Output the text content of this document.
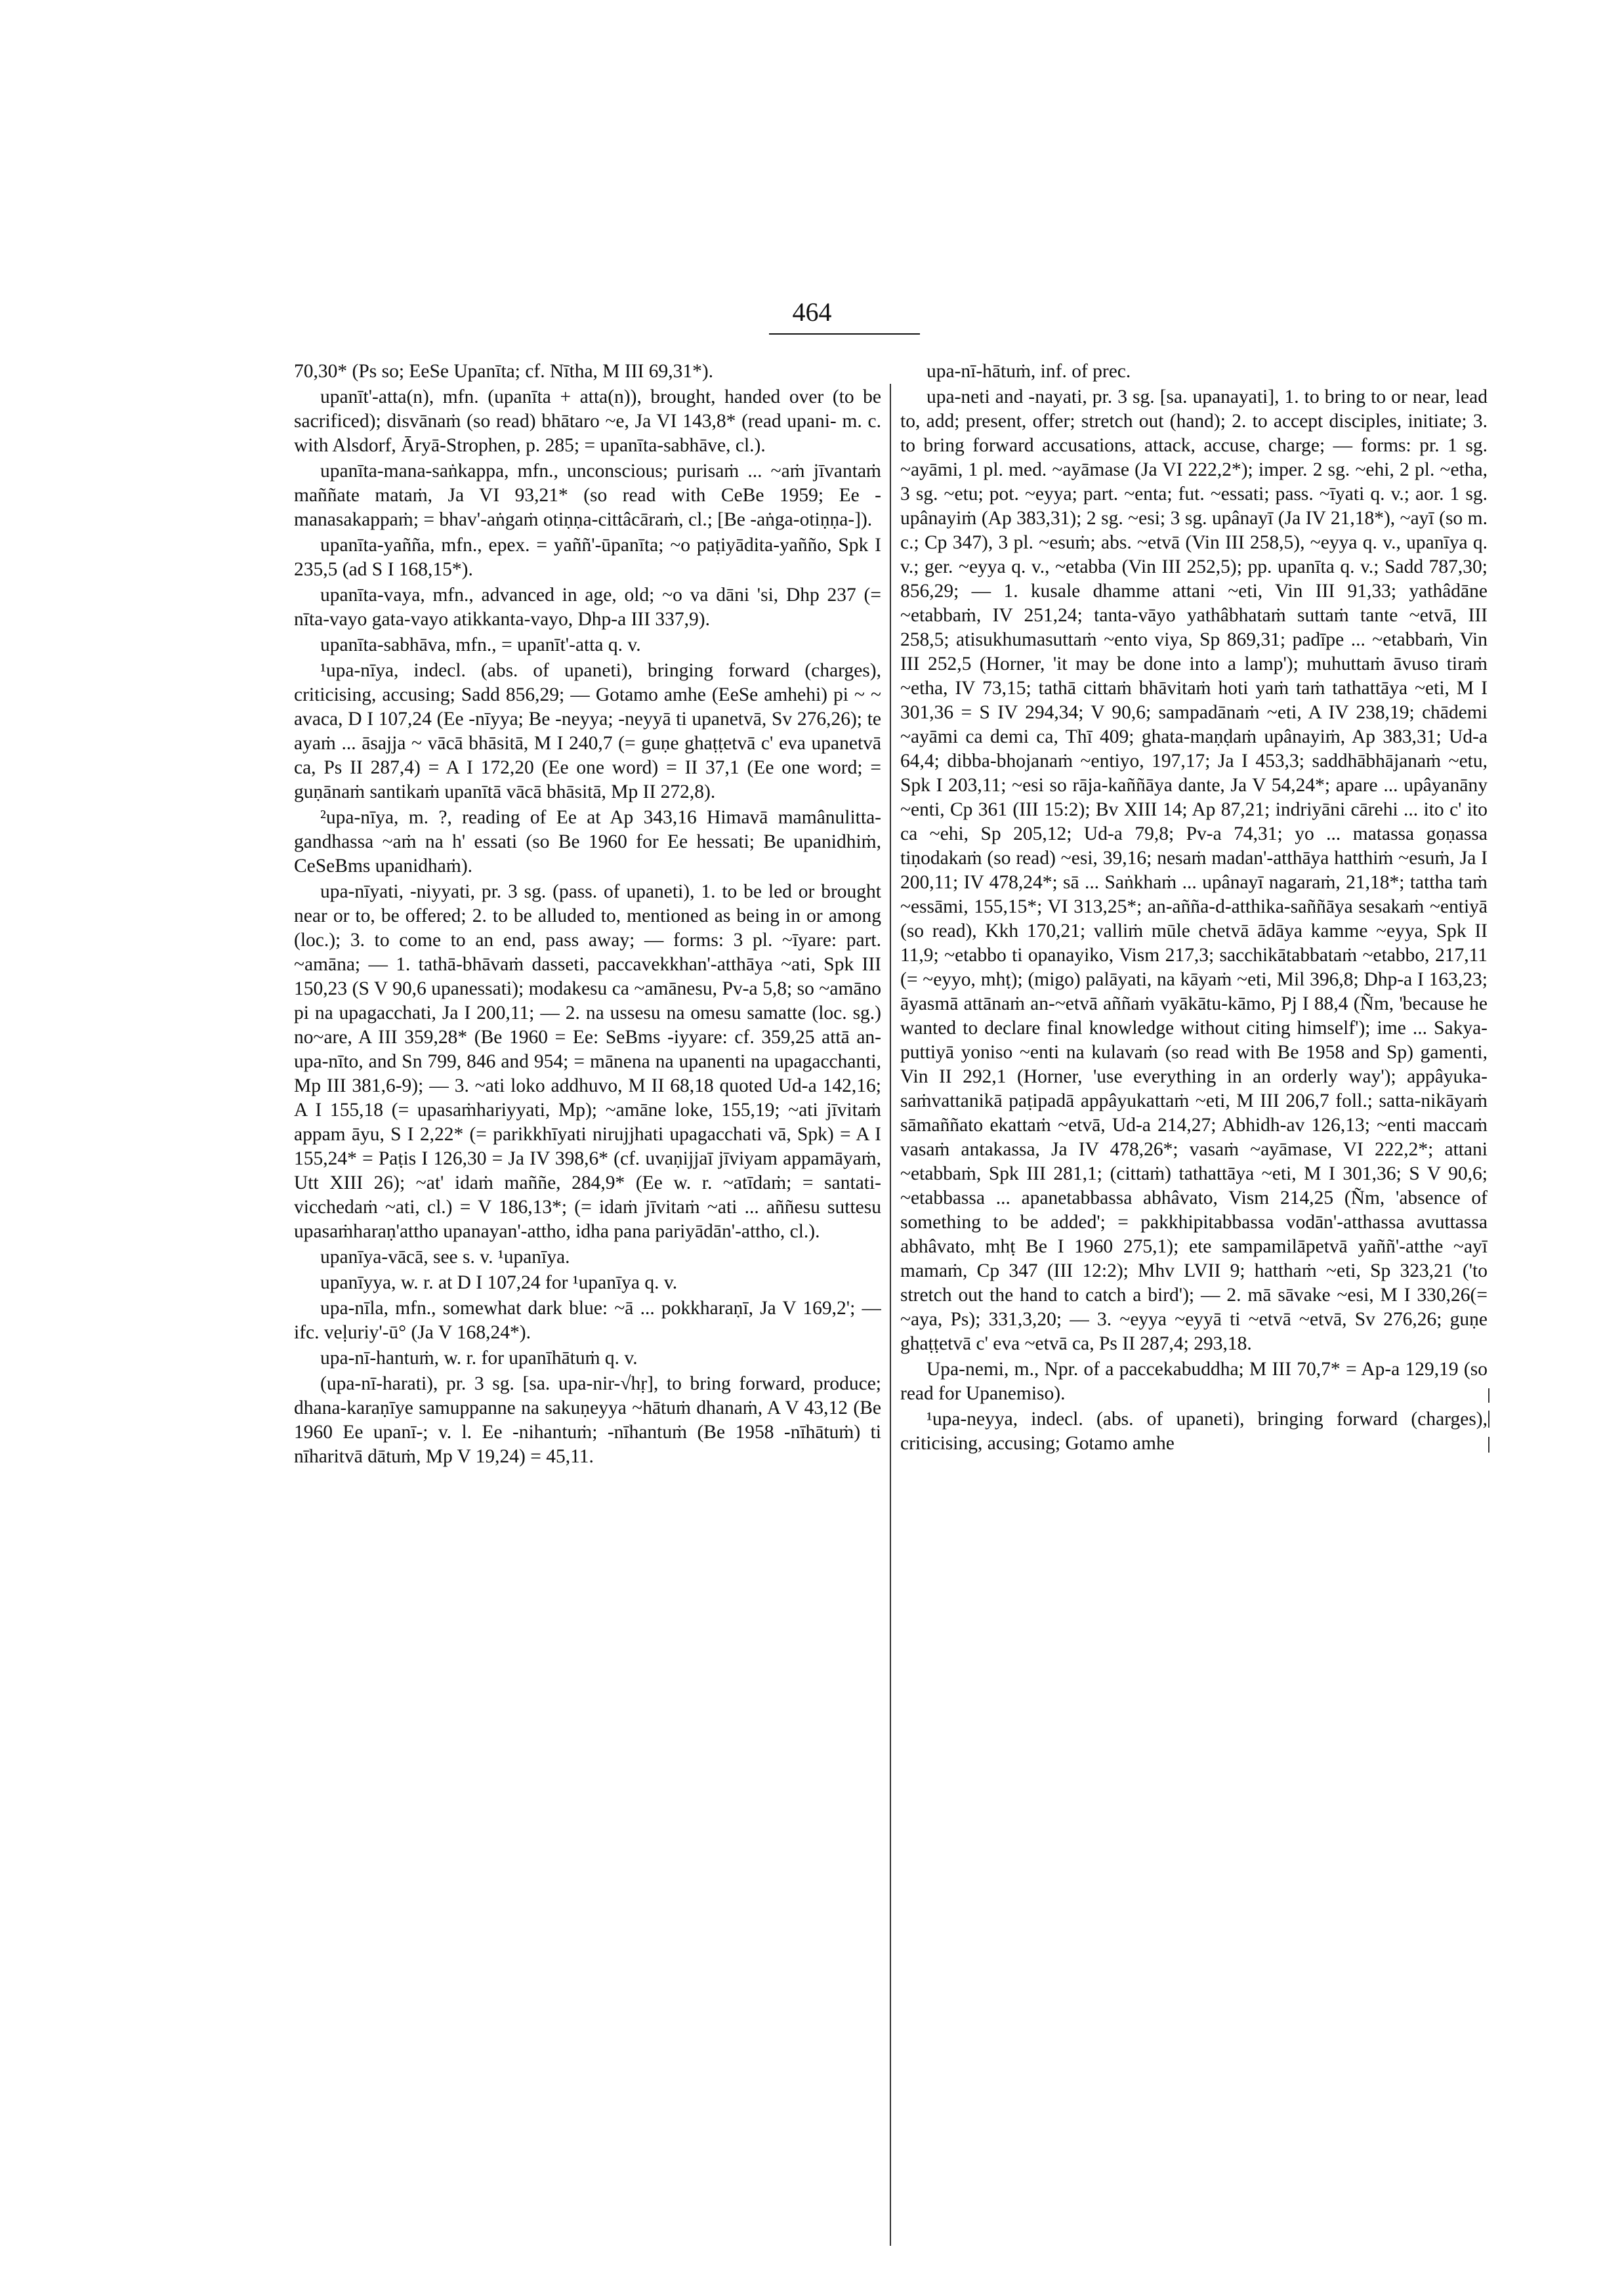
464

70,30* (Ps so; EeSe Upanīta; cf. Nītha, M III 69,31*).

upanīt'-atta(n), mfn. (upanīta + atta(n)), brought, handed over (to be sacrificed); disvānaṁ (so read) bhātaro ~e, Ja VI 143,8* (read upani- m. c. with Alsdorf, Āryā-Strophen, p. 285; = upanīta-sabhāve, cl.).

upanīta-mana-saṅkappa, mfn., unconscious; purisaṁ ... ~aṁ jīvantaṁ maññate mataṁ, Ja VI 93,21* (so read with CeBe 1959; Ee -manasakappaṁ; = bhav'-aṅgaṁ otiṇṇa-cittâcāraṁ, cl.; [Be -aṅga-otiṇṇa-]).

upanīta-yañña, mfn., epex. = yaññ'-ūpanīta; ~o paṭiyādita-yañño, Spk I 235,5 (ad S I 168,15*).

upanīta-vaya, mfn., advanced in age, old; ~o va dāni 'si, Dhp 237 (= nīta-vayo gata-vayo atikkanta-vayo, Dhp-a III 337,9).

upanīta-sabhāva, mfn., = upanīt'-atta q. v.

¹upa-nīya, indecl. (abs. of upaneti), bringing forward (charges), criticising, accusing; Sadd 856,29; — Gotamo amhe (EeSe amhehi) pi ~ ~ avaca, D I 107,24 (Ee -nīyya; Be -neyya; -neyyā ti upanetvā, Sv 276,26); te ayaṁ ... āsajja ~ vācā bhāsitā, M I 240,7 (= guṇe ghaṭṭetvā c' eva upanetvā ca, Ps II 287,4) = A I 172,20 (Ee one word) = II 37,1 (Ee one word; = guṇānaṁ santikaṁ upanītā vācā bhāsitā, Mp II 272,8).

²upa-nīya, m. ?, reading of Ee at Ap 343,16 Himavā mamânulitta-gandhassa ~aṁ na h' essati (so Be 1960 for Ee hessati; Be upanidhiṁ, CeSeBms upanidhaṁ).

upa-nīyati, -niyyati, pr. 3 sg. (pass. of upaneti), 1. to be led or brought near or to, be offered; 2. to be alluded to, mentioned as being in or among (loc.); 3. to come to an end, pass away; — forms: 3 pl. ~īyare: part. ~amāna; — 1. tathā-bhāvaṁ dasseti, paccavekkhan'-atthāya ~ati, Spk III 150,23 (S V 90,6 upanessati); modakesu ca ~amānesu, Pv-a 5,8; so ~amāno pi na upagacchati, Ja I 200,11; — 2. na ussesu na omesu samatte (loc. sg.) no~are, A III 359,28* (Be 1960 = Ee: SeBms -iyyare: cf. 359,25 attā an-upa-nīto, and Sn 799, 846 and 954; = mānena na upanenti na upagacchanti, Mp III 381,6-9); — 3. ~ati loko addhuvo, M II 68,18 quoted Ud-a 142,16; A I 155,18 (= upasaṁhariyyati, Mp); ~amāne loke, 155,19; ~ati jīvitaṁ appam āyu, S I 2,22* (= parikkhīyati nirujjhati upagacchati vā, Spk) = A I 155,24* = Paṭis I 126,30 = Ja IV 398,6* (cf. uvaṇijjaī jīviyam appamāyaṁ, Utt XIII 26); ~at' idaṁ maññe, 284,9* (Ee w. r. ~atīdaṁ; = santati-vicchedaṁ ~ati, cl.) = V 186,13*; (= idaṁ jīvitaṁ ~ati ... aññesu suttesu upasaṁharaṇ'attho upanayan'-attho, idha pana pariyādān'-attho, cl.).

upanīya-vācā, see s. v. ¹upanīya.

upanīyya, w. r. at D I 107,24 for ¹upanīya q. v.

upa-nīla, mfn., somewhat dark blue: ~ā ... pokkharaṇī, Ja V 169,2'; — ifc. veḷuriy'-ū° (Ja V 168,24*).

upa-nī-hantuṁ, w. r. for upanīhātuṁ q. v.

(upa-nī-harati), pr. 3 sg. [sa. upa-nir-√hṛ], to bring forward, produce; dhana-karaṇīye samuppanne na sakuṇeyya ~hātuṁ dhanaṁ, A V 43,12 (Be 1960 Ee upanī-; v. l. Ee -nihantuṁ; -nīhantuṁ (Be 1958 -nīhātuṁ) ti nīharitvā dātuṁ, Mp V 19,24) = 45,11.

upa-nī-hātuṁ, inf. of prec.

upa-neti and -nayati, pr. 3 sg. [sa. upanayati], 1. to bring to or near, lead to, add; present, offer; stretch out (hand); 2. to accept disciples, initiate; 3. to bring forward accusations, attack, accuse, charge; — forms: pr. 1 sg. ~ayāmi, 1 pl. med. ~ayāmase (Ja VI 222,2*); imper. 2 sg. ~ehi, 2 pl. ~etha, 3 sg. ~etu; pot. ~eyya; part. ~enta; fut. ~essati; pass. ~īyati q. v.; aor. 1 sg. upânayiṁ (Ap 383,31); 2 sg. ~esi; 3 sg. upânayī (Ja IV 21,18*), ~ayī (so m. c.; Cp 347), 3 pl. ~esuṁ; abs. ~etvā (Vin III 258,5), ~eyya q. v., upanīya q. v.; ger. ~eyya q. v., ~etabba (Vin III 252,5); pp. upanīta q. v.; Sadd 787,30; 856,29; — 1. kusale dhamme attani ~eti, Vin III 91,33; yathâdāne ~etabbaṁ, IV 251,24; tanta-vāyo yathâbhataṁ suttaṁ tante ~etvā, III 258,5; atisukhumasuttaṁ ~ento viya, Sp 869,31; padīpe ... ~etabbaṁ, Vin III 252,5 (Horner, 'it may be done into a lamp'); muhuttaṁ āvuso tiraṁ ~etha, IV 73,15; tathā cittaṁ bhāvitaṁ hoti yaṁ taṁ tathattāya ~eti, M I 301,36 = S IV 294,34; V 90,6; sampadānaṁ ~eti, A IV 238,19; chādemi ~ayāmi ca demi ca, Thī 409; ghata-maṇḍaṁ upânayiṁ, Ap 383,31; Ud-a 64,4; dibba-bhojanaṁ ~entiyo, 197,17; Ja I 453,3; saddhābhājanaṁ ~etu, Spk I 203,11; ~esi so rāja-kaññāya dante, Ja V 54,24*; apare ... upâyanāny ~enti, Cp 361 (III 15:2); Bv XIII 14; Ap 87,21; indriyāni cārehi ... ito c' ito ca ~ehi, Sp 205,12; Ud-a 79,8; Pv-a 74,31; yo ... matassa goṇassa tiṇodakaṁ (so read) ~esi, 39,16; nesaṁ madan'-atthāya hatthiṁ ~esuṁ, Ja I 200,11; IV 478,24*; sā ... Saṅkhaṁ ... upânayī nagaraṁ, 21,18*; tattha taṁ ~essāmi, 155,15*; VI 313,25*; an-añña-d-atthika-saññāya sesakaṁ ~entiyā (so read), Kkh 170,21; valliṁ mūle chetvā ādāya kamme ~eyya, Spk II 11,9; ~etabbo ti opanayiko, Vism 217,3; sacchikātabbataṁ ~etabbo, 217,11 (= ~eyyo, mhṭ); (migo) palāyati, na kāyaṁ ~eti, Mil 396,8; Dhp-a I 163,23; āyasmā attānaṁ an-~etvā aññaṁ vyākātu-kāmo, Pj I 88,4 (Ñm, 'because he wanted to declare final knowledge without citing himself'); ime ... Sakya-puttiyā yoniso ~enti na kulavaṁ (so read with Be 1958 and Sp) gamenti, Vin II 292,1 (Horner, 'use everything in an orderly way'); appâyuka-saṁvattanikā paṭipadā appâyukattaṁ ~eti, M III 206,7 foll.; satta-nikāyaṁ sāmaññato ekattaṁ ~etvā, Ud-a 214,27; Abhidh-av 126,13; ~enti maccaṁ vasaṁ antakassa, Ja IV 478,26*; vasaṁ ~ayāmase, VI 222,2*; attani ~etabbaṁ, Spk III 281,1; (cittaṁ) tathattāya ~eti, M I 301,36; S V 90,6; ~etabbassa ... apanetabbassa abhâvato, Vism 214,25 (Ñm, 'absence of something to be added'; = pakkhipitabbassa vodān'-atthassa avuttassa abhâvato, mhṭ Be I 1960 275,1); ete sampamilāpetvā yaññ'-atthe ~ayī mamaṁ, Cp 347 (III 12:2); Mhv LVII 9; hatthaṁ ~eti, Sp 323,21 ('to stretch out the hand to catch a bird'); — 2. mā sāvake ~esi, M I 330,26(= ~aya, Ps); 331,3,20; — 3. ~eyya ~eyyā ti ~etvā ~etvā, Sv 276,26; guṇe ghaṭṭetvā c' eva ~etvā ca, Ps II 287,4; 293,18.

Upa-nemi, m., Npr. of a paccekabuddha; M III 70,7* = Ap-a 129,19 (so read for Upanemiso).

¹upa-neyya, indecl. (abs. of upaneti), bringing forward (charges), criticising, accusing; Gotamo amhe
